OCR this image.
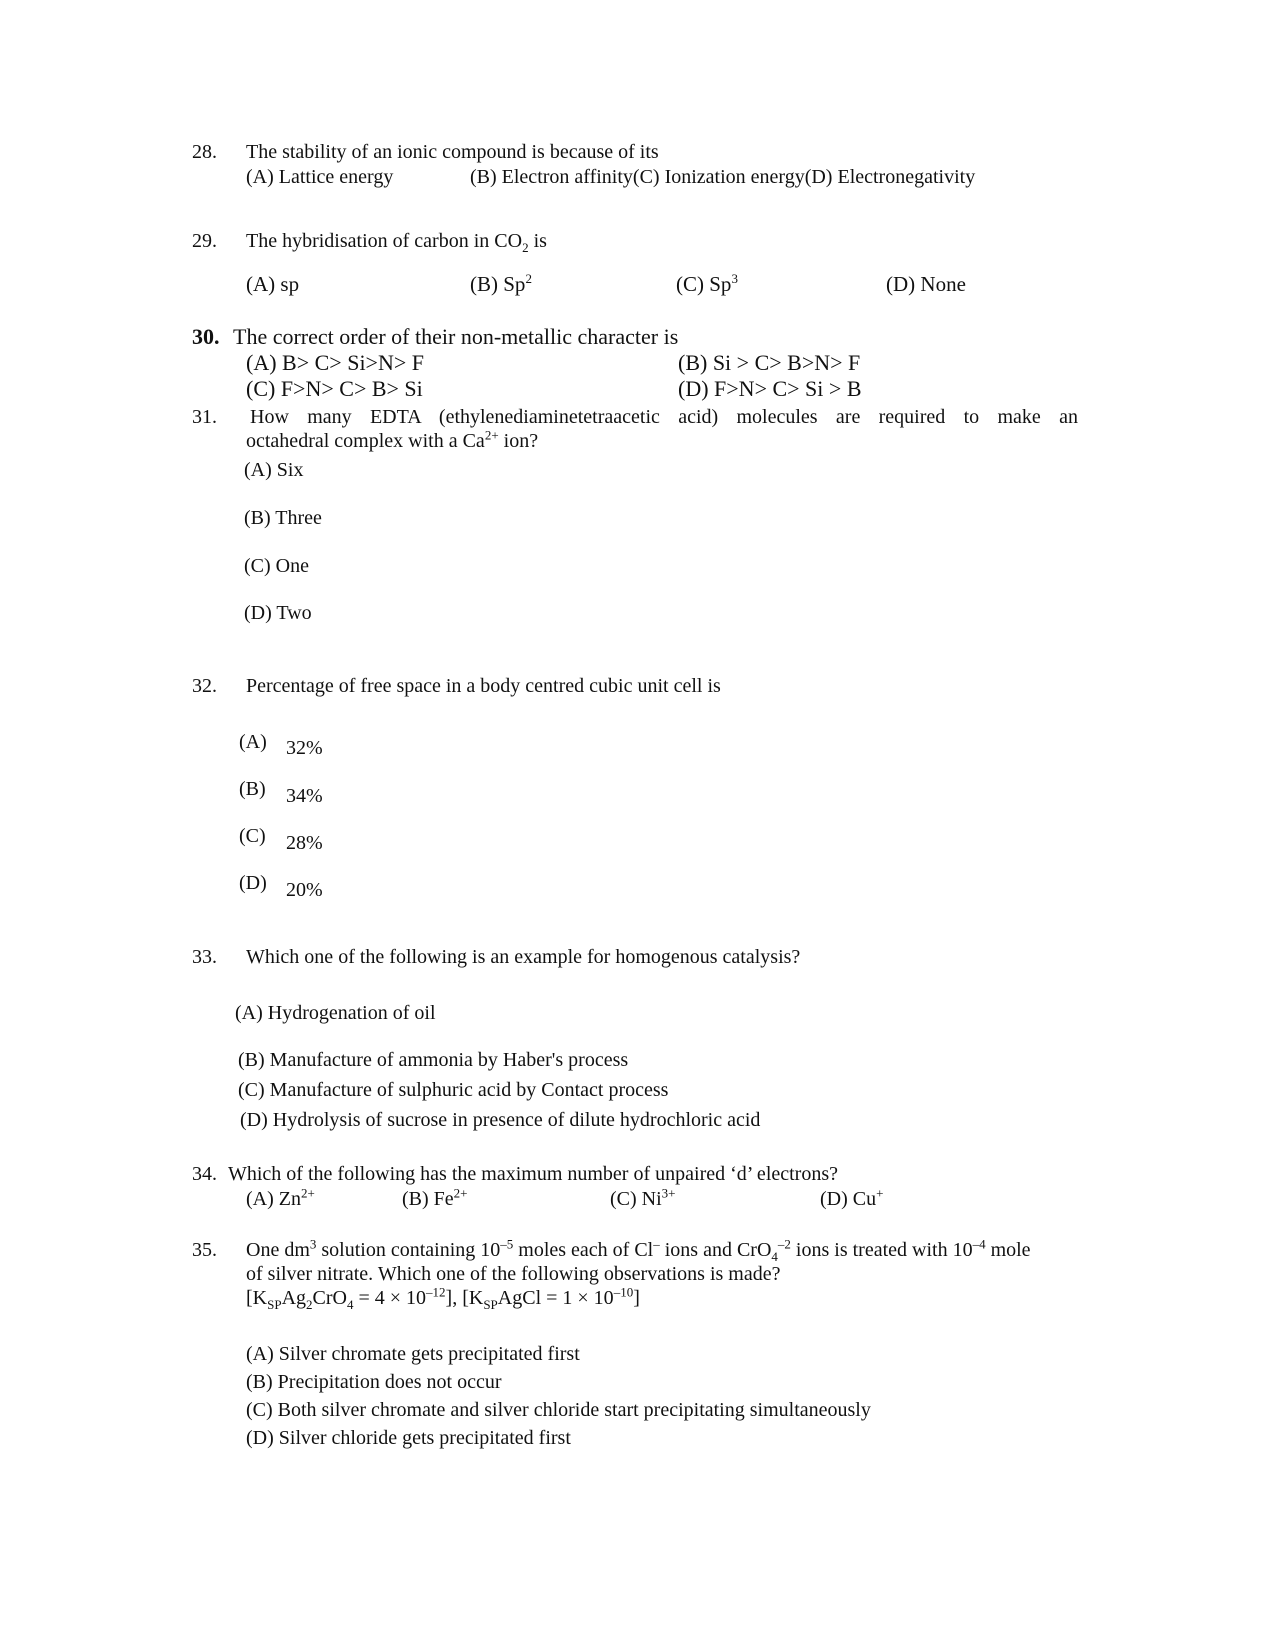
28. The stability of an ionic compound is because of its
(A) Lattice energy	(B) Electron affinity(C) Ionization energy(D) Electronegativity
29. The hybridisation of carbon in $CO_2$ is
(A) sp	(B) Sp$^2$	(C) Sp$^3$	(D) None
30. The correct order of their non-metallic character is
(A) B> C> Si>N> F	(B) Si > C> B>N> F
(C) F>N> C> B> Si	(D) F>N> C> Si > B
31. How many EDTA (ethylenediaminetetraacetic acid) molecules are required to make an
octahedral complex with a $Ca^{2+}$ ion?
(A) Six
(B) Three
(C) One
(D) Two
32. Percentage of free space in a body centred cubic unit cell is
(A) 32%
(B) 34%
(C) 28%
(D) 20%
33. Which one of the following is an example for homogenous catalysis?
(A) Hydrogenation of oil
(B) Manufacture of ammonia by Haber's process
(C) Manufacture of sulphuric acid by Contact process
(D) Hydrolysis of sucrose in presence of dilute hydrochloric acid
34. Which of the following has the maximum number of unpaired ‘d’ electrons?
(A) $Zn^{2+}$	(B) $Fe^{2+}$	(C) $Ni^{3+}$	(D) Cu+
35. One $dm^3$ solution containing $10^{-5}$ moles each of Cl– ions and CrO$_4^{-2}$ ions is treated with $10^{-4}$ mole
of silver nitrate. Which one of the following observations is made?
$[K_{SP}Ag_2CrO_4 = 4 \times 10^{-12}]$, $[K_{SP}AgCl = 1 \times 10^{-10}]$
(A) Silver chromate gets precipitated first
(B) Precipitation does not occur
(C) Both silver chromate and silver chloride start precipitating simultaneously
(D) Silver chloride gets precipitated first
